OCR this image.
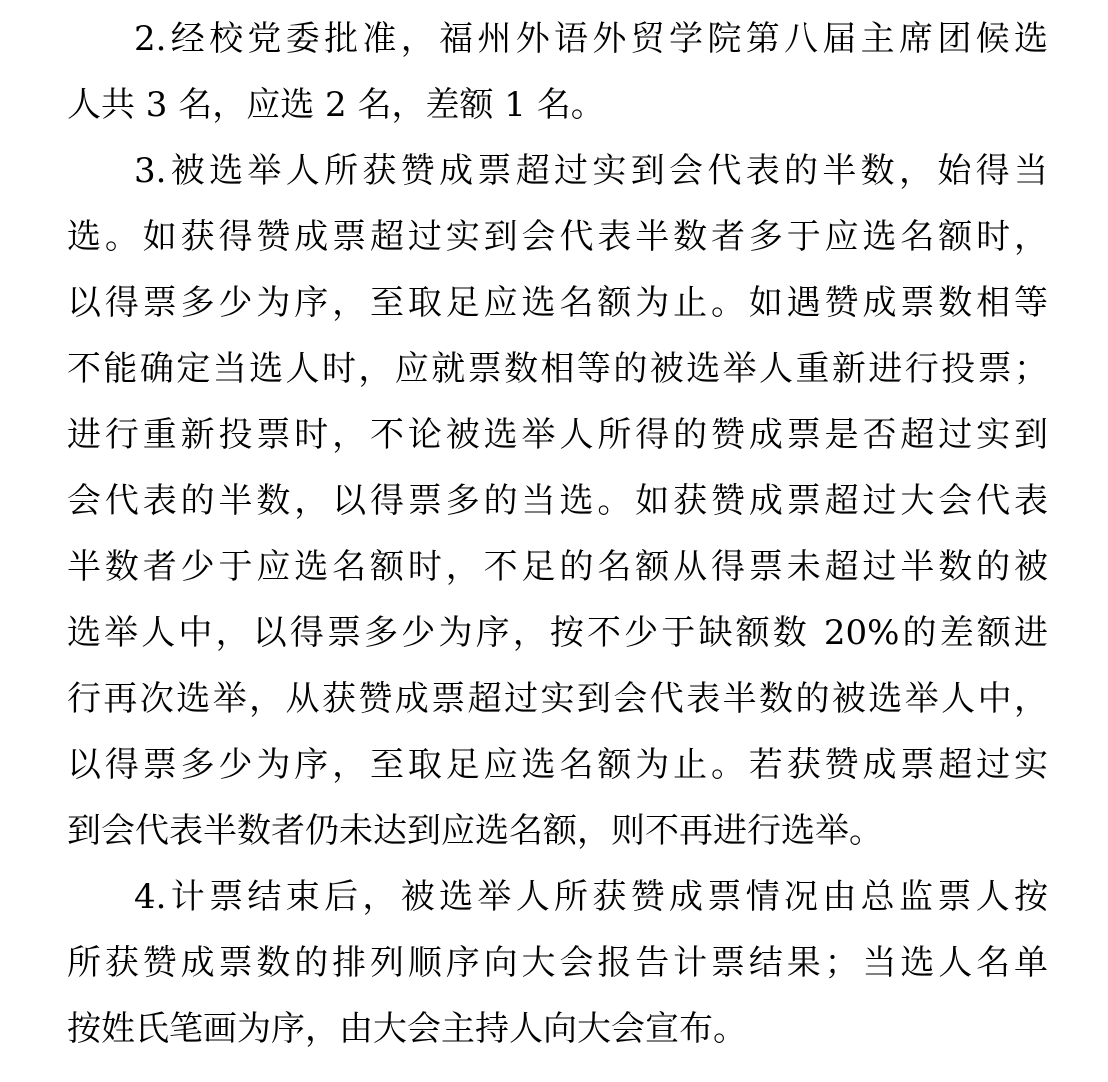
2.经校党委批准，福州外语外贸学院第八届主席团候选
人共 3 名，应选 2 名，差额 1 名。
3.被选举人所获赞成票超过实到会代表的半数，始得当
选。如获得赞成票超过实到会代表半数者多于应选名额时，
以得票多少为序，至取足应选名额为止。如遇赞成票数相等
不能确定当选人时，应就票数相等的被选举人重新进行投票；
进行重新投票时，不论被选举人所得的赞成票是否超过实到
会代表的半数，以得票多的当选。如获赞成票超过大会代表
半数者少于应选名额时，不足的名额从得票未超过半数的被
选举人中，以得票多少为序，按不少于缺额数 20%的差额进
行再次选举，从获赞成票超过实到会代表半数的被选举人中，
以得票多少为序，至取足应选名额为止。若获赞成票超过实
到会代表半数者仍未达到应选名额，则不再进行选举。
4.计票结束后，被选举人所获赞成票情况由总监票人按
所获赞成票数的排列顺序向大会报告计票结果；当选人名单
按姓氏笔画为序，由大会主持人向大会宣布。
